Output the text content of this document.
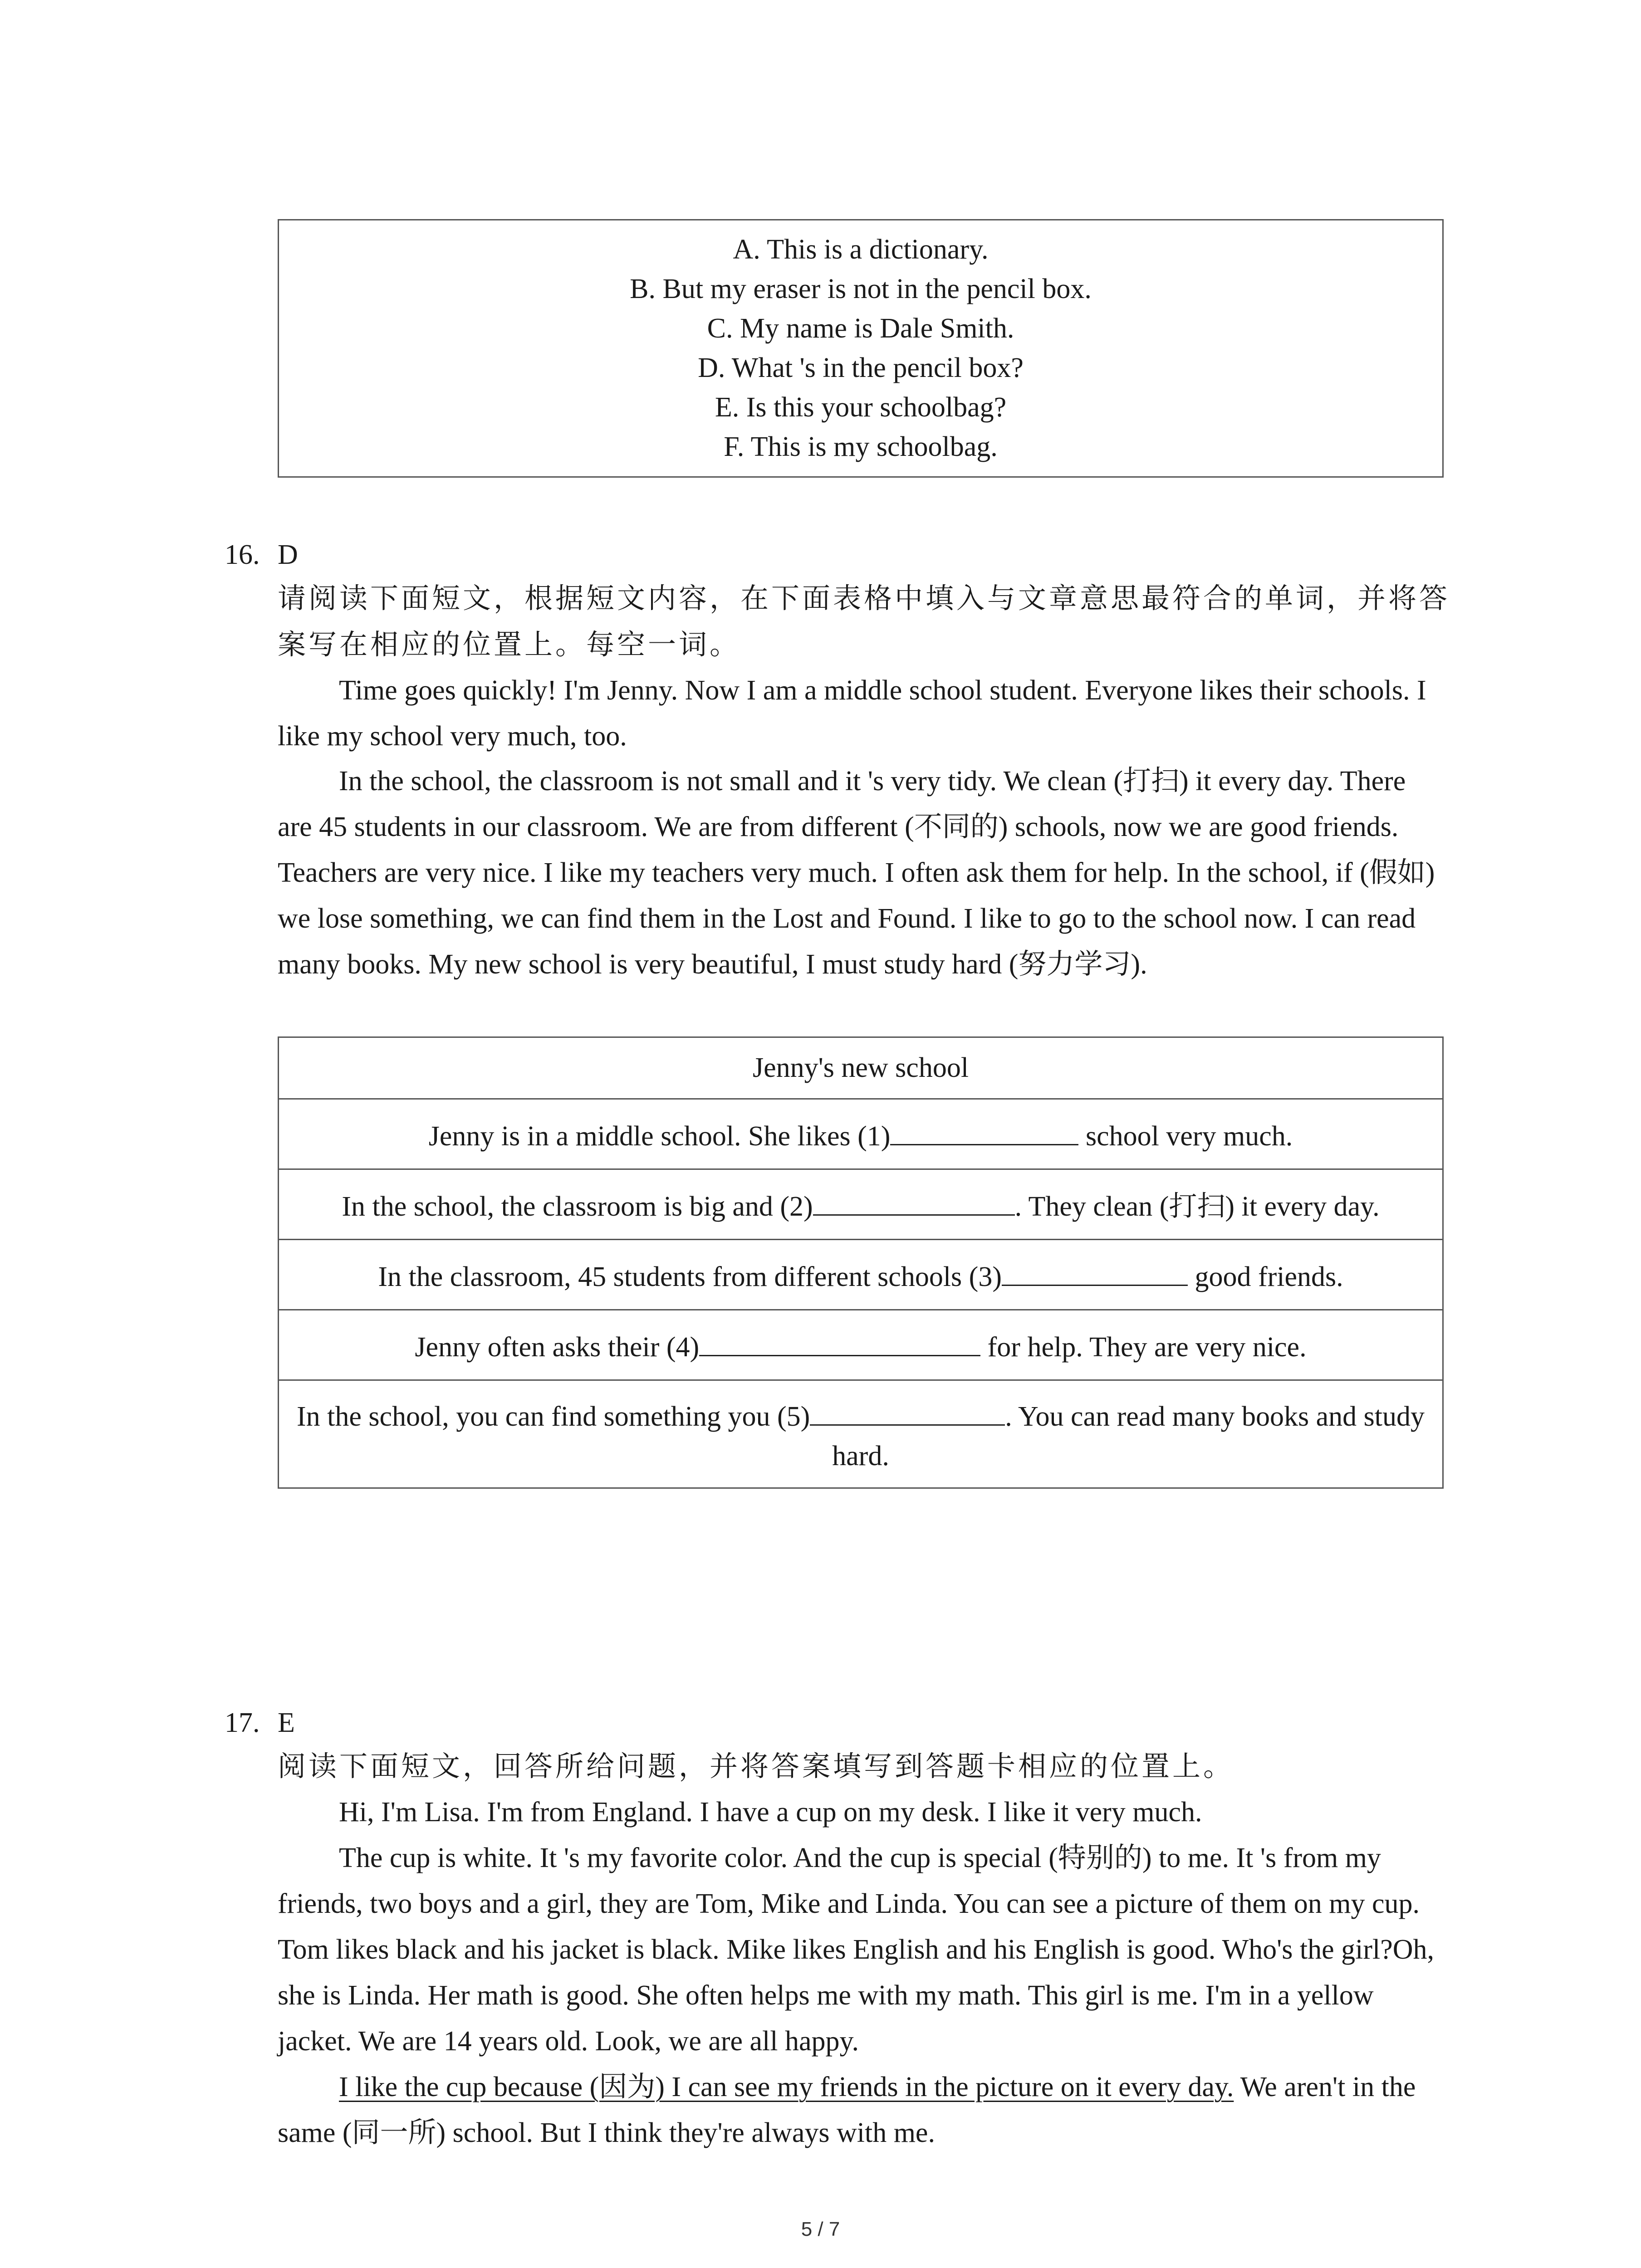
A. This is a dictionary.
B. But my eraser is not in the pencil box.
C. My name is Dale Smith.
D. What 's in the pencil box?
E. Is this your schoolbag?
F. This is my schoolbag.
16. D
请阅读下面短文，根据短文内容，在下面表格中填入与文章意思最符合的单词，并将答
案写在相应的位置上。每空一词。
Time goes quickly! I'm Jenny. Now I am a middle school student. Everyone likes their schools. I like my school very much, too.
In the school, the classroom is not small and it 's very tidy. We clean (打扫) it every day. There are 45 students in our classroom. We are from different (不同的) schools, now we are good friends. Teachers are very nice. I like my teachers very much. I often ask them for help. In the school, if (假如) we lose something, we can find them in the Lost and Found. I like to go to the school now. I can read many books. My new school is very beautiful, I must study hard (努力学习).
Jenny's new school
Jenny is in a middle school. She likes (1)	school very much.
In the school, the classroom is big and (2)	. They clean (打扫) it every day.
In the classroom, 45 students from different schools (3)	good friends.
Jenny often asks their (4)	for help. They are very nice.
In the school, you can find something you (5)	. You can read many books and study hard.
17. E
阅读下面短文，回答所给问题，并将答案填写到答题卡相应的位置上。
Hi, I'm Lisa. I'm from England. I have a cup on my desk. I like it very much.
The cup is white. It 's my favorite color. And the cup is special (特别的) to me. It 's from my friends, two boys and a girl, they are Tom, Mike and Linda. You can see a picture of them on my cup. Tom likes black and his jacket is black. Mike likes English and his English is good. Who's the girl?Oh, she is Linda. Her math is good. She often helps me with my math. This girl is me. I'm in a yellow jacket. We are 14 years old. Look, we are all happy.
I like the cup because (因为) I can see my friends in the picture on it every day. We aren't in the same (同一所) school. But I think they're always with me.
5 / 7
